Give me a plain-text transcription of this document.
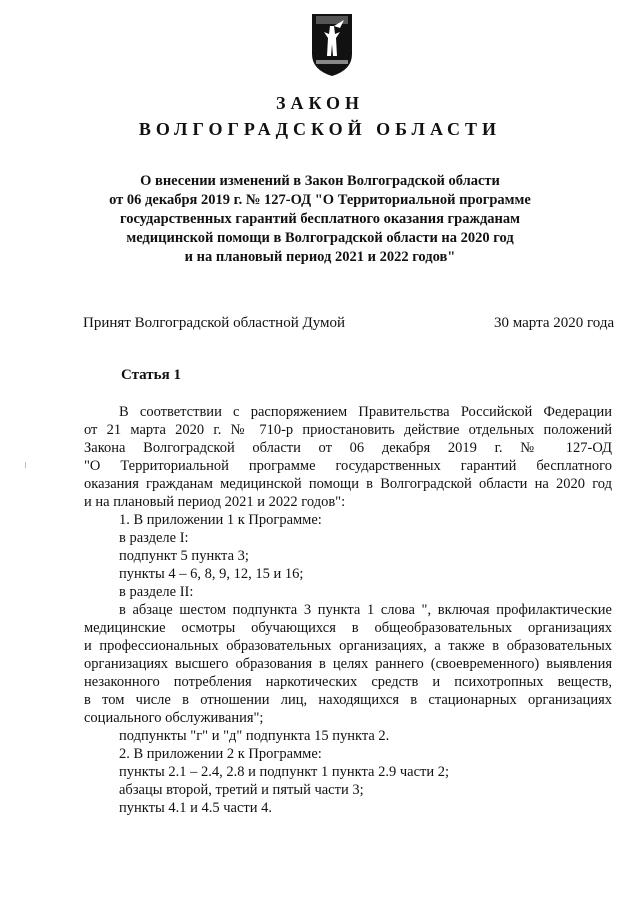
ЗАКОН
ВОЛГОГРАДСКОЙ ОБЛАСТИ
О внесении изменений в Закон Волгоградской области
от 06 декабря 2019 г. № 127-ОД "О Территориальной программе
государственных гарантий бесплатного оказания гражданам
медицинской помощи в Волгоградской области на 2020 год
и на плановый период 2021 и 2022 годов"
Принят Волгоградской областной Думой	30 марта 2020 года
Статья 1
В соответствии с распоряжением Правительства Российской Федерации
от 21 марта 2020 г. № 710-р приостановить действие отдельных положений
Закона Волгоградской области от 06 декабря 2019 г. № 127-ОД
"О Территориальной программе государственных гарантий бесплатного
оказания гражданам медицинской помощи в Волгоградской области на 2020 год
и на плановый период 2021 и 2022 годов":
1. В приложении 1 к Программе:
в разделе I:
подпункт 5 пункта 3;
пункты 4 – 6, 8, 9, 12, 15 и 16;
в разделе II:
в абзаце шестом подпункта 3 пункта 1 слова ", включая профилактические
медицинские осмотры обучающихся в общеобразовательных организациях
и профессиональных образовательных организациях, а также в образовательных
организациях высшего образования в целях раннего (своевременного) выявления
незаконного потребления наркотических средств и психотропных веществ,
в том числе в отношении лиц, находящихся в стационарных организациях
социального обслуживания";
подпункты "г" и "д" подпункта 15 пункта 2.
2. В приложении 2 к Программе:
пункты 2.1 – 2.4, 2.8 и подпункт 1 пункта 2.9 части 2;
абзацы второй, третий и пятый части 3;
пункты 4.1 и 4.5 части 4.
